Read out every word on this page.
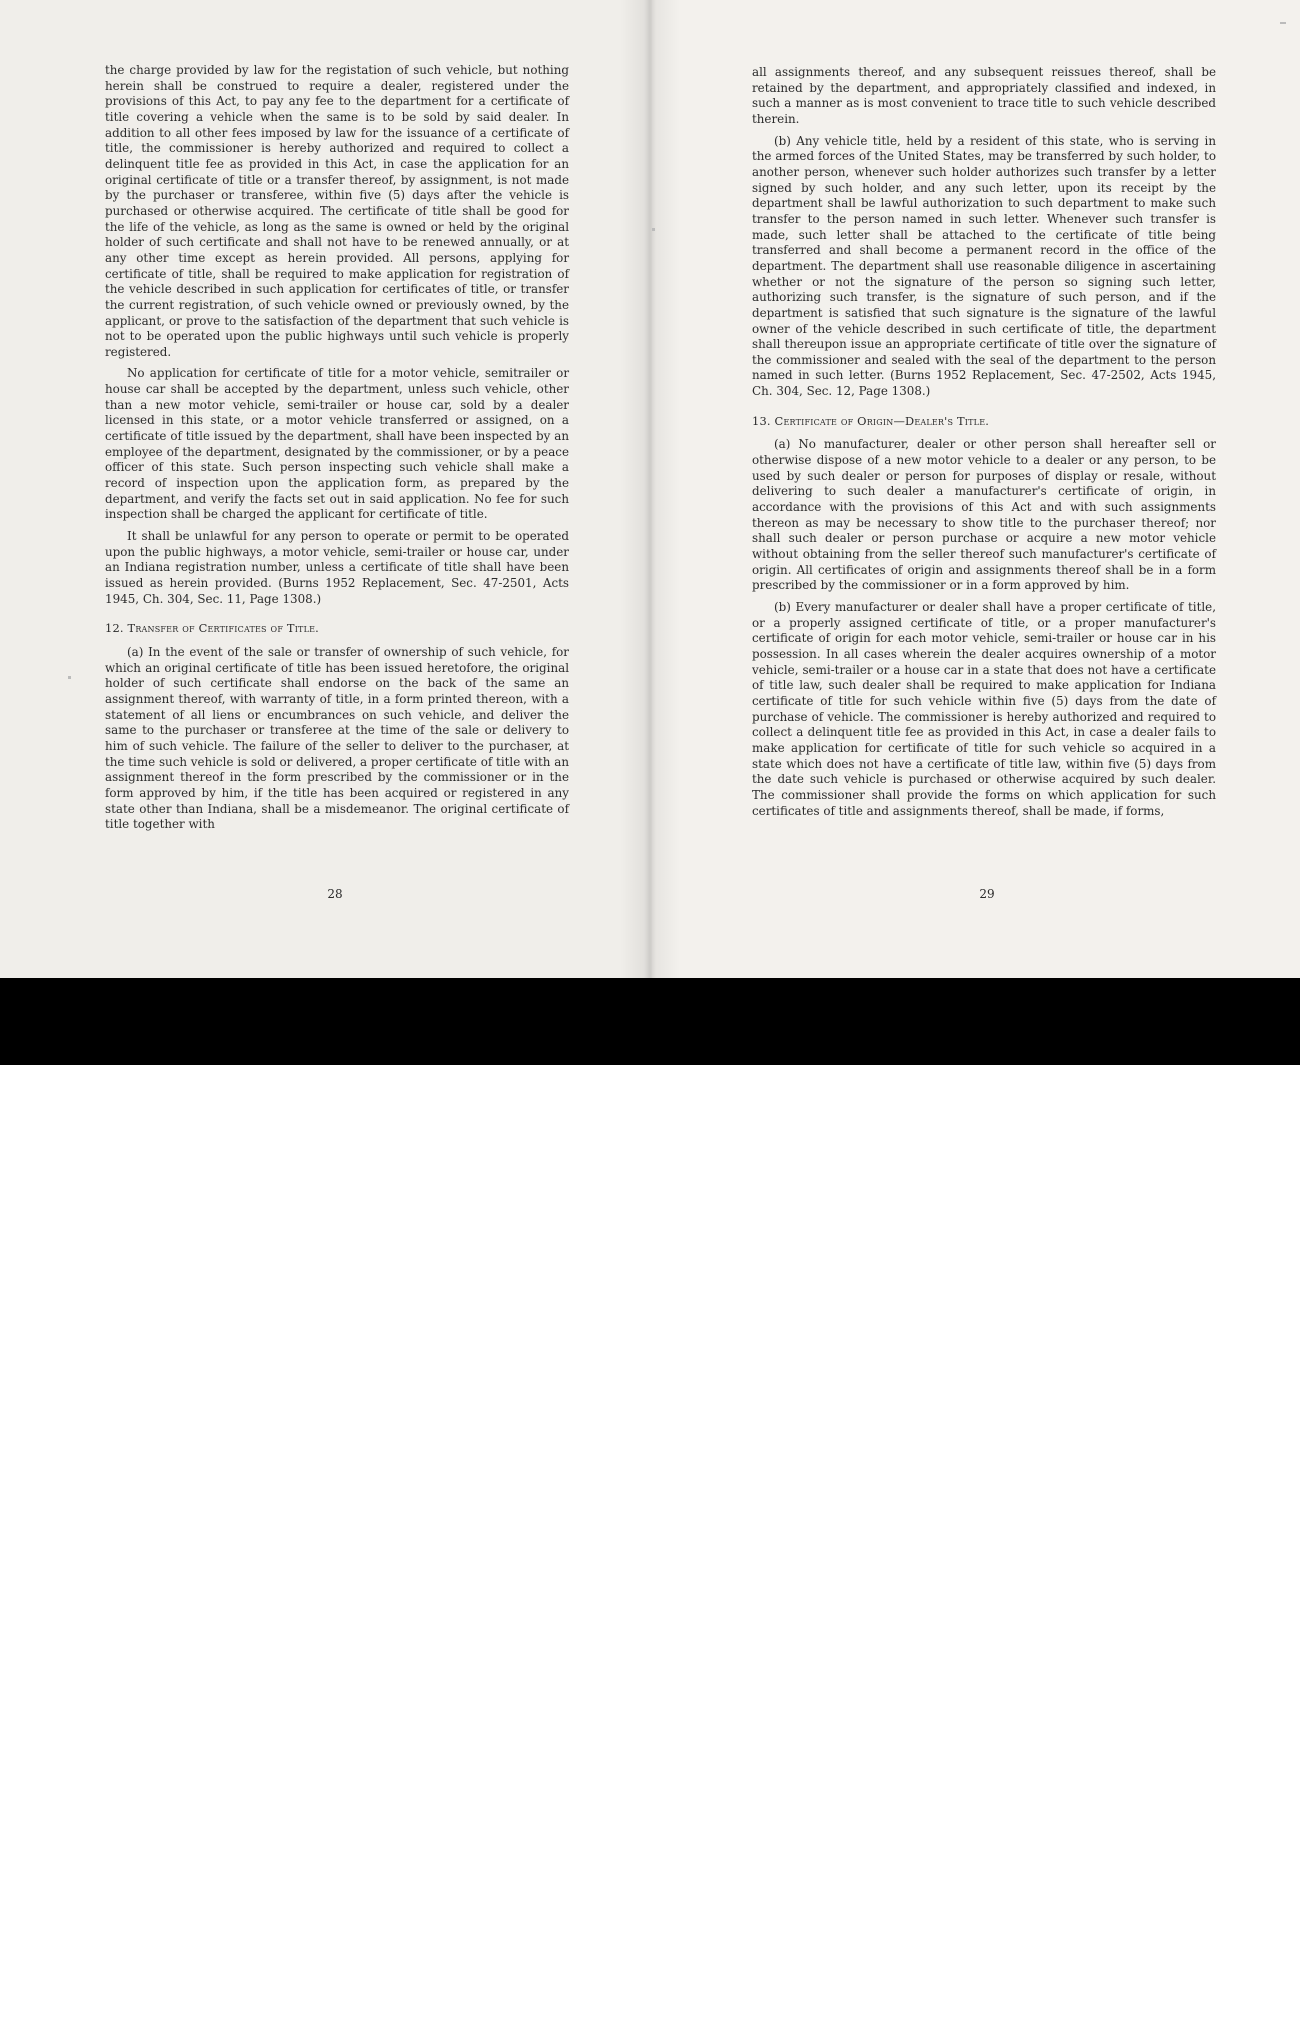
the charge provided by law for the registation of such vehicle, but nothing herein shall be construed to require a dealer, registered under the provisions of this Act, to pay any fee to the department for a certificate of title covering a vehicle when the same is to be sold by said dealer. In addition to all other fees imposed by law for the issuance of a certificate of title, the commissioner is hereby authorized and required to collect a delinquent title fee as provided in this Act, in case the application for an original certificate of title or a transfer thereof, by assignment, is not made by the purchaser or transferee, within five (5) days after the vehicle is purchased or otherwise acquired. The certificate of title shall be good for the life of the vehicle, as long as the same is owned or held by the original holder of such certificate and shall not have to be renewed annually, or at any other time except as herein provided. All persons, applying for certificate of title, shall be required to make application for registration of the vehicle described in such application for certificates of title, or transfer the current registration, of such vehicle owned or previously owned, by the applicant, or prove to the satisfaction of the department that such vehicle is not to be operated upon the public highways until such vehicle is properly registered.

No application for certificate of title for a motor vehicle, semitrailer or house car shall be accepted by the department, unless such vehicle, other than a new motor vehicle, semi-trailer or house car, sold by a dealer licensed in this state, or a motor vehicle transferred or assigned, on a certificate of title issued by the department, shall have been inspected by an employee of the department, designated by the commissioner, or by a peace officer of this state. Such person inspecting such vehicle shall make a record of inspection upon the application form, as prepared by the department, and verify the facts set out in said application. No fee for such inspection shall be charged the applicant for certificate of title.

It shall be unlawful for any person to operate or permit to be operated upon the public highways, a motor vehicle, semi-trailer or house car, under an Indiana registration number, unless a certificate of title shall have been issued as herein provided. (Burns 1952 Replacement, Sec. 47-2501, Acts 1945, Ch. 304, Sec. 11, Page 1308.)

12. Transfer of Certificates of Title.

(a) In the event of the sale or transfer of ownership of such vehicle, for which an original certificate of title has been issued heretofore, the original holder of such certificate shall endorse on the back of the same an assignment thereof, with warranty of title, in a form printed thereon, with a statement of all liens or encumbrances on such vehicle, and deliver the same to the purchaser or transferee at the time of the sale or delivery to him of such vehicle. The failure of the seller to deliver to the purchaser, at the time such vehicle is sold or delivered, a proper certificate of title with an assignment thereof in the form prescribed by the commissioner or in the form approved by him, if the title has been acquired or registered in any state other than Indiana, shall be a misdemeanor. The original certificate of title together with

28

all assignments thereof, and any subsequent reissues thereof, shall be retained by the department, and appropriately classified and indexed, in such a manner as is most convenient to trace title to such vehicle described therein.

(b) Any vehicle title, held by a resident of this state, who is serving in the armed forces of the United States, may be transferred by such holder, to another person, whenever such holder authorizes such transfer by a letter signed by such holder, and any such letter, upon its receipt by the department shall be lawful authorization to such department to make such transfer to the person named in such letter. Whenever such transfer is made, such letter shall be attached to the certificate of title being transferred and shall become a permanent record in the office of the department. The department shall use reasonable diligence in ascertaining whether or not the signature of the person so signing such letter, authorizing such transfer, is the signature of such person, and if the department is satisfied that such signature is the signature of the lawful owner of the vehicle described in such certificate of title, the department shall thereupon issue an appropriate certificate of title over the signature of the commissioner and sealed with the seal of the department to the person named in such letter. (Burns 1952 Replacement, Sec. 47-2502, Acts 1945, Ch. 304, Sec. 12, Page 1308.)

13. Certificate of Origin—Dealer's Title.

(a) No manufacturer, dealer or other person shall hereafter sell or otherwise dispose of a new motor vehicle to a dealer or any person, to be used by such dealer or person for purposes of display or resale, without delivering to such dealer a manufacturer's certificate of origin, in accordance with the provisions of this Act and with such assignments thereon as may be necessary to show title to the purchaser thereof; nor shall such dealer or person purchase or acquire a new motor vehicle without obtaining from the seller thereof such manufacturer's certificate of origin. All certificates of origin and assignments thereof shall be in a form prescribed by the commissioner or in a form approved by him.

(b) Every manufacturer or dealer shall have a proper certificate of title, or a properly assigned certificate of title, or a proper manufacturer's certificate of origin for each motor vehicle, semi-trailer or house car in his possession. In all cases wherein the dealer acquires ownership of a motor vehicle, semi-trailer or a house car in a state that does not have a certificate of title law, such dealer shall be required to make application for Indiana certificate of title for such vehicle within five (5) days from the date of purchase of vehicle. The commissioner is hereby authorized and required to collect a delinquent title fee as provided in this Act, in case a dealer fails to make application for certificate of title for such vehicle so acquired in a state which does not have a certificate of title law, within five (5) days from the date such vehicle is purchased or otherwise acquired by such dealer. The commissioner shall provide the forms on which application for such certificates of title and assignments thereof, shall be made, if forms,

29
alamy
Image ID: 3BG42J4
www.alamy.com
